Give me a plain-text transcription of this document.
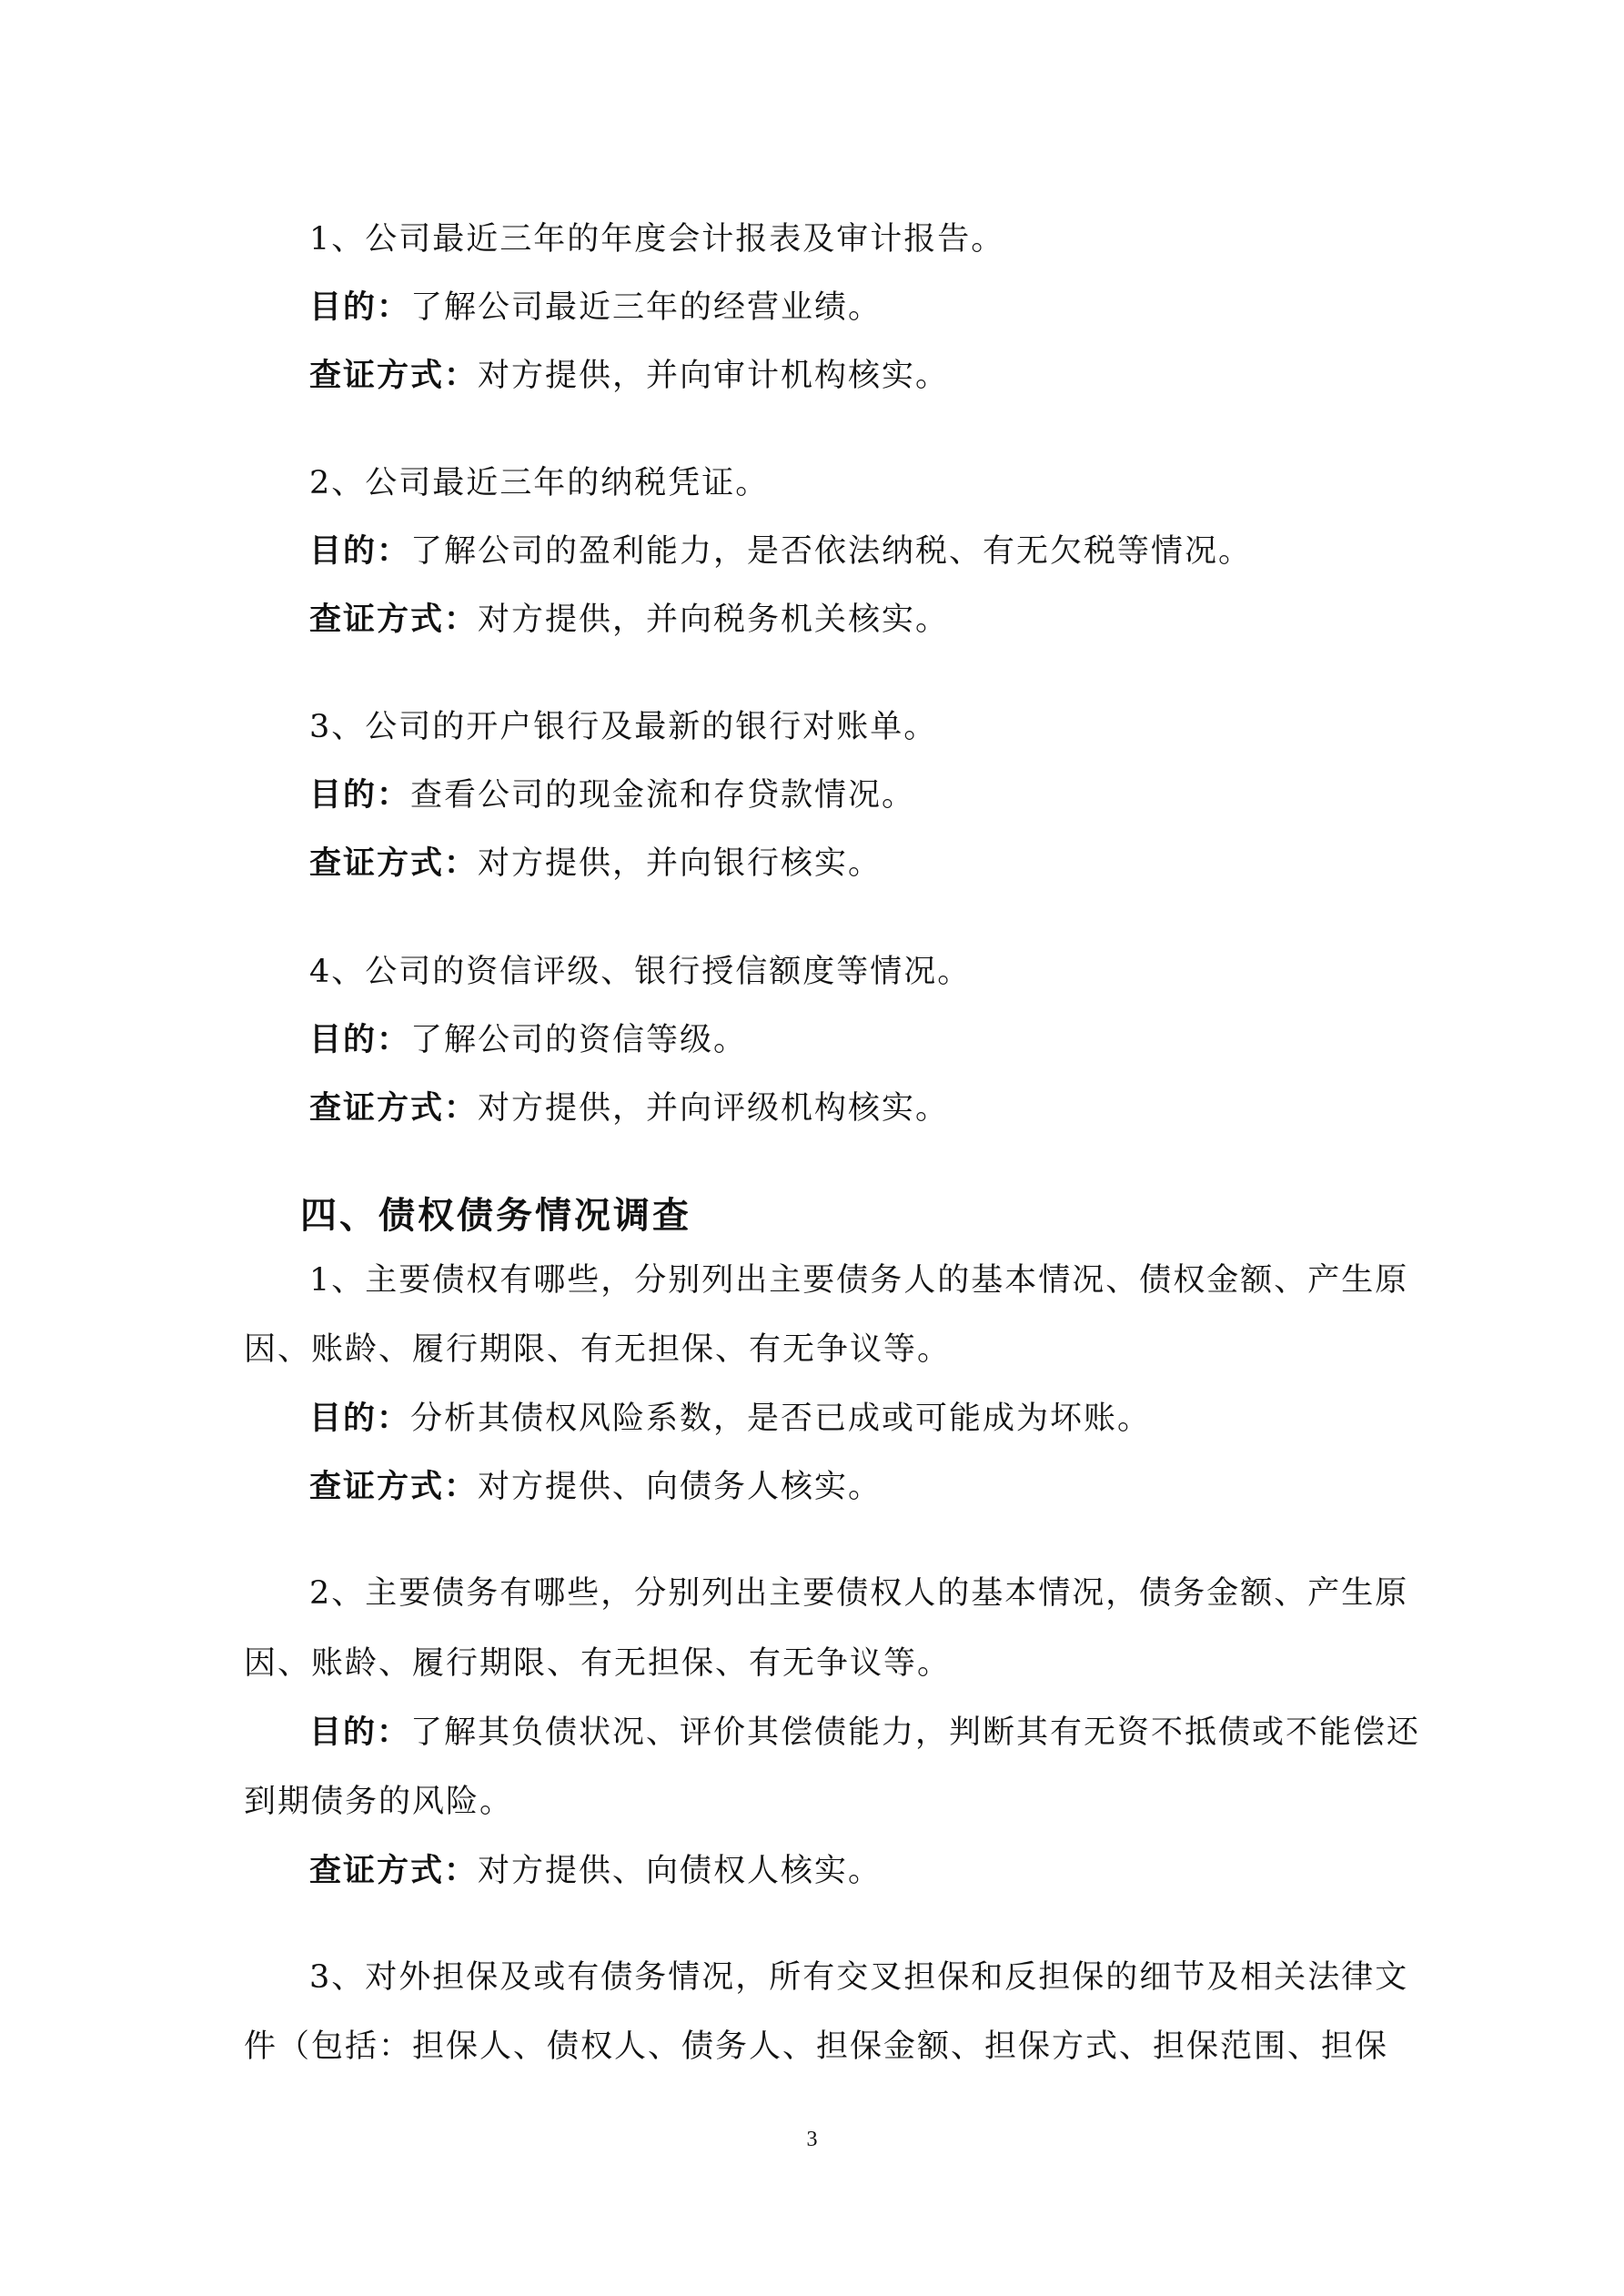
1、公司最近三年的年度会计报表及审计报告。
目的：了解公司最近三年的经营业绩。
查证方式：对方提供，并向审计机构核实。
2、公司最近三年的纳税凭证。
目的：了解公司的盈利能力，是否依法纳税、有无欠税等情况。
查证方式：对方提供，并向税务机关核实。
3、公司的开户银行及最新的银行对账单。
目的：查看公司的现金流和存贷款情况。
查证方式：对方提供，并向银行核实。
4、公司的资信评级、银行授信额度等情况。
目的：了解公司的资信等级。
查证方式：对方提供，并向评级机构核实。
四、债权债务情况调查
1、主要债权有哪些，分别列出主要债务人的基本情况、债权金额、产生原
因、账龄、履行期限、有无担保、有无争议等。
目的：分析其债权风险系数，是否已成或可能成为坏账。
查证方式：对方提供、向债务人核实。
2、主要债务有哪些，分别列出主要债权人的基本情况，债务金额、产生原
因、账龄、履行期限、有无担保、有无争议等。
目的：了解其负债状况、评价其偿债能力，判断其有无资不抵债或不能偿还
到期债务的风险。
查证方式：对方提供、向债权人核实。
3、对外担保及或有债务情况，所有交叉担保和反担保的细节及相关法律文
件（包括：担保人、债权人、债务人、担保金额、担保方式、担保范围、担保
3
